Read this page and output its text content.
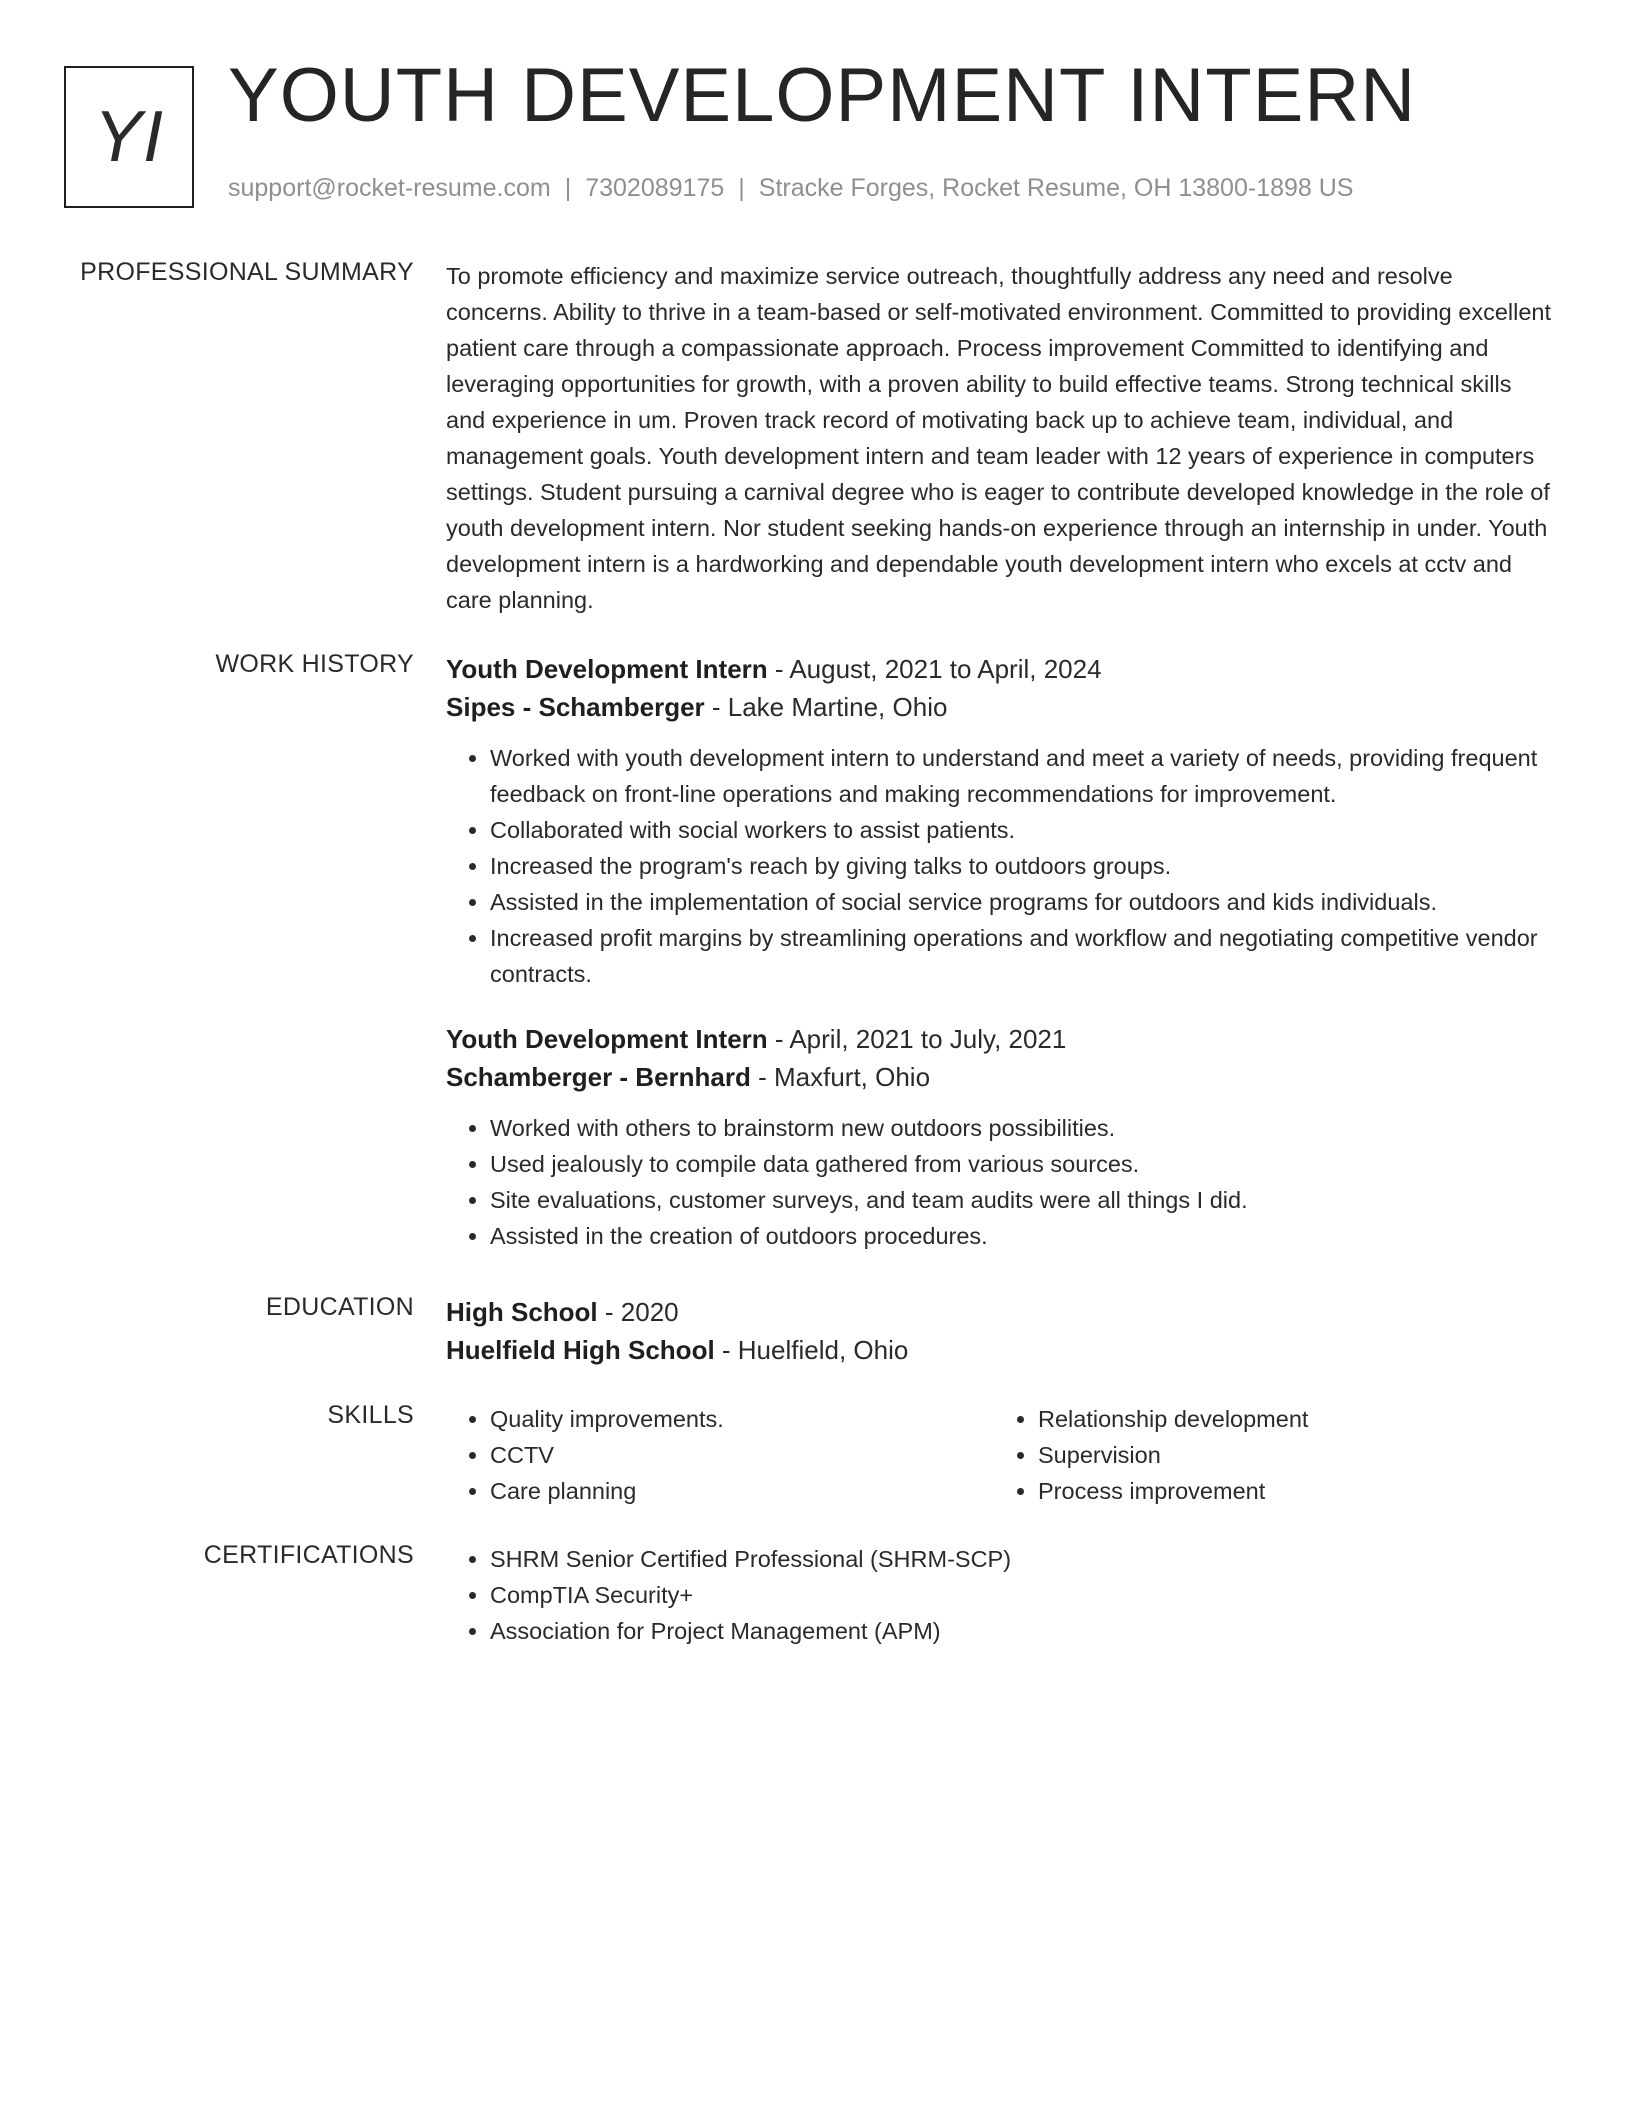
YI YOUTH DEVELOPMENT INTERN
support@rocket-resume.com | 7302089175 | Stracke Forges, Rocket Resume, OH 13800-1898 US
PROFESSIONAL SUMMARY To promote efficiency and maximize service outreach, thoughtfully address any need and resolve concerns. Ability to thrive in a team-based or self-motivated environment. Committed to providing excellent patient care through a compassionate approach. Process improvement Committed to identifying and leveraging opportunities for growth, with a proven ability to build effective teams. Strong technical skills and experience in um. Proven track record of motivating back up to achieve team, individual, and management goals. Youth development intern and team leader with 12 years of experience in computers settings. Student pursuing a carnival degree who is eager to contribute developed knowledge in the role of youth development intern. Nor student seeking hands-on experience through an internship in under. Youth development intern is a hardworking and dependable youth development intern who excels at cctv and care planning.

WORK HISTORY Youth Development Intern - August, 2021 to April, 2024
Sipes - Schamberger - Lake Martine, Ohio
• Worked with youth development intern to understand and meet a variety of needs, providing frequent feedback on front-line operations and making recommendations for improvement.
• Collaborated with social workers to assist patients.
• Increased the program's reach by giving talks to outdoors groups.
• Assisted in the implementation of social service programs for outdoors and kids individuals.
• Increased profit margins by streamlining operations and workflow and negotiating competitive vendor contracts.
Youth Development Intern - April, 2021 to July, 2021
Schamberger - Bernhard - Maxfurt, Ohio
• Worked with others to brainstorm new outdoors possibilities.
• Used jealously to compile data gathered from various sources.
• Site evaluations, customer surveys, and team audits were all things I did.
• Assisted in the creation of outdoors procedures.
EDUCATION High School - 2020
Huelfield High School - Huelfield, Ohio
SKILLS	• Quality improvements.
• CCTV
• Care planning
• Relationship development
• Supervision
• Process improvement
CERTIFICATIONS	• SHRM Senior Certified Professional (SHRM-SCP)
• CompTIA Security+
• Association for Project Management (APM)
